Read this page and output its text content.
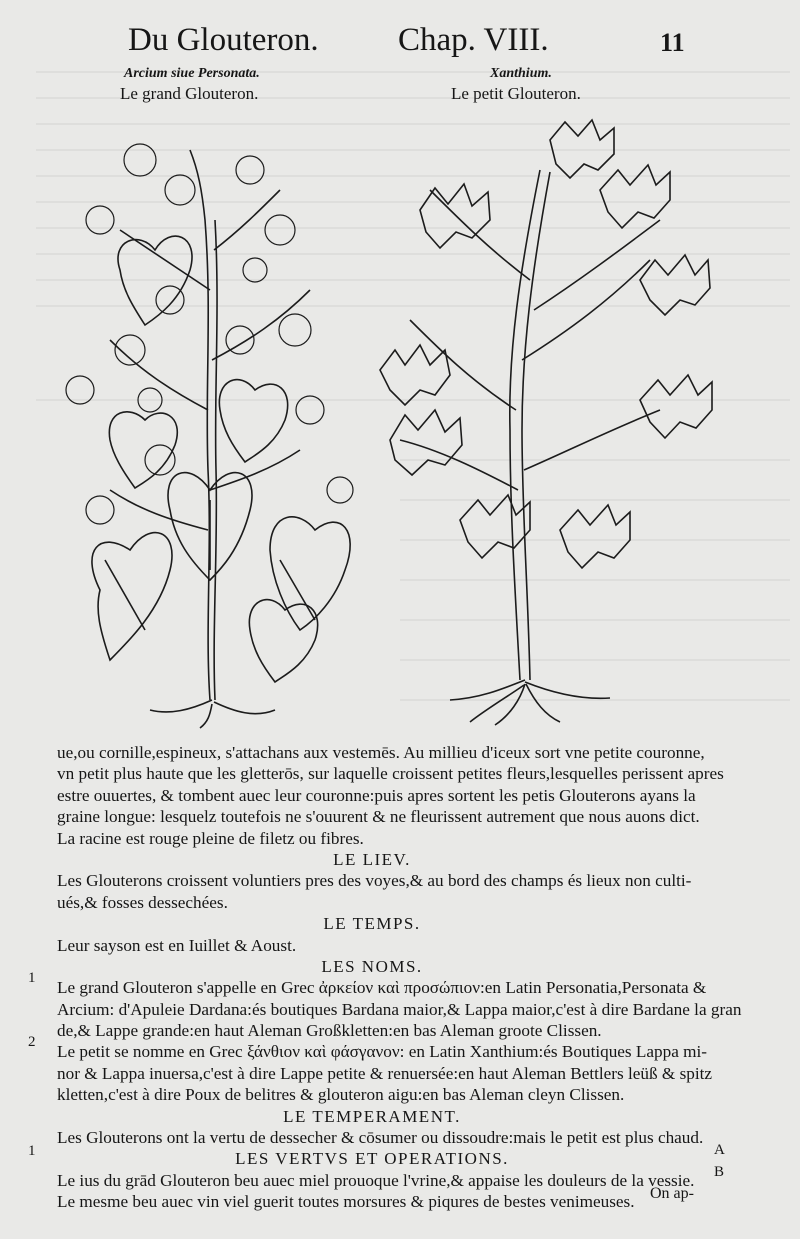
Du Glouteron. Chap. VIII.	11
Arcium siue Personata.
Le grand Glouteron.
Xanthium.
Le petit Glouteron.
ue,ou cornille,espineux, s'attachans aux vestemēs. Au millieu d'iceux sort vne petite couronne,
vn petit plus haute que les gletterōs, sur laquelle croissent petites fleurs,lesquelles perissent apres
estre ouuertes, & tombent auec leur couronne:puis apres sortent les petis Glouterons ayans la
graine longue: lesquelz toutefois ne s'ouurent & ne fleurissent autrement que nous auons dict.
La racine est rouge pleine de filetz ou fibres.
LE LIEV.
Les Glouterons croissent voluntiers pres des voyes,& au bord des champs és lieux non culti-
ués,& fosses dessechées.
LE TEMPS.
Leur sayson est en Iuillet & Aoust.
LES NOMS.
Le grand Glouteron s'appelle en Grec ἀρκείον καὶ προσώπιον:en Latin Personatia,Personata &
Arcium: d'Apuleie Dardana:és boutiques Bardana maior,& Lappa maior,c'est à dire Bardane la gran
de,& Lappe grande:en haut Aleman Großkletten:en bas Aleman groote Clissen.
Le petit se nomme en Grec ξάνθιον καὶ φάσγανον: en Latin Xanthium:és Boutiques Lappa mi-
nor & Lappa inuersa,c'est à dire Lappe petite & renuersée:en haut Aleman Bettlers leüß & spitz
kletten,c'est à dire Poux de belitres & glouteron aigu:en bas Aleman cleyn Clissen.
LE TEMPERAMENT.
Les Glouterons ont la vertu de dessecher & cōsumer ou dissoudre:mais le petit est plus chaud.
LES VERTVS ET OPERATIONS.
Le ius du grād Glouteron beu auec miel prouoque l'vrine,& appaise les douleurs de la vessie.
Le mesme beu auec vin viel guerit toutes morsures & piqures de bestes venimeuses.
1
2
1	A
B
On ap-
